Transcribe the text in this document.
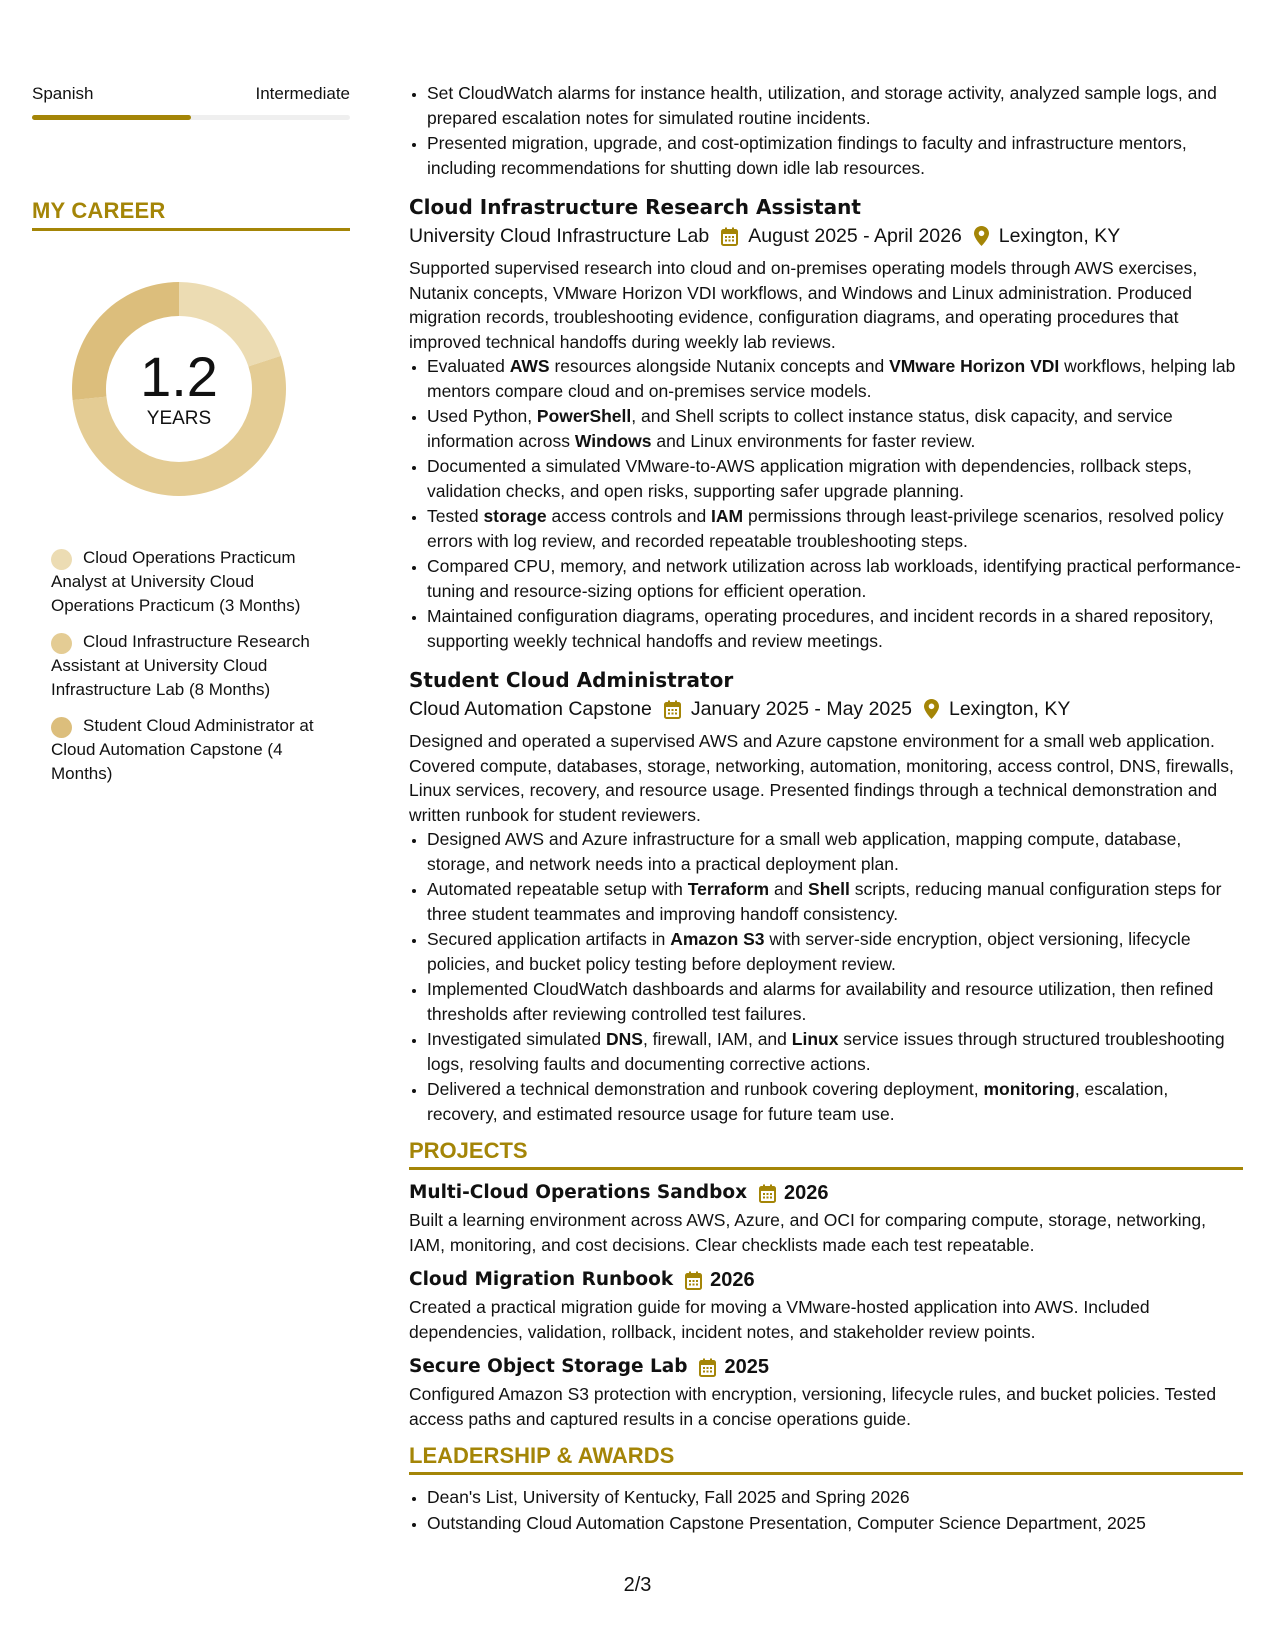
Spanish	Intermediate
MY CAREER
1.2
YEARS
Cloud Operations Practicum Analyst at University Cloud Operations Practicum (3 Months)
Cloud Infrastructure Research Assistant at University Cloud Infrastructure Lab (8 Months)
Student Cloud Administrator at Cloud Automation Capstone (4 Months)
• Set CloudWatch alarms for instance health, utilization, and storage activity, analyzed sample logs, and prepared escalation notes for simulated routine incidents.
• Presented migration, upgrade, and cost-optimization findings to faculty and infrastructure mentors, including recommendations for shutting down idle lab resources.
Cloud Infrastructure Research Assistant
University Cloud Infrastructure Lab August 2025 - April 2026 Lexington, KY
Supported supervised research into cloud and on-premises operating models through AWS exercises, Nutanix concepts, VMware Horizon VDI workflows, and Windows and Linux administration. Produced migration records, troubleshooting evidence, configuration diagrams, and operating procedures that improved technical handoffs during weekly lab reviews.
• Evaluated AWS resources alongside Nutanix concepts and VMware Horizon VDI workflows, helping lab mentors compare cloud and on-premises service models.
• Used Python, PowerShell, and Shell scripts to collect instance status, disk capacity, and service information across Windows and Linux environments for faster review.
• Documented a simulated VMware-to-AWS application migration with dependencies, rollback steps, validation checks, and open risks, supporting safer upgrade planning.
• Tested storage access controls and IAM permissions through least-privilege scenarios, resolved policy errors with log review, and recorded repeatable troubleshooting steps.
• Compared CPU, memory, and network utilization across lab workloads, identifying practical performance-tuning and resource-sizing options for efficient operation.
• Maintained configuration diagrams, operating procedures, and incident records in a shared repository, supporting weekly technical handoffs and review meetings.
Student Cloud Administrator
Cloud Automation Capstone January 2025 - May 2025 Lexington, KY
Designed and operated a supervised AWS and Azure capstone environment for a small web application. Covered compute, databases, storage, networking, automation, monitoring, access control, DNS, firewalls, Linux services, recovery, and resource usage. Presented findings through a technical demonstration and written runbook for student reviewers.
• Designed AWS and Azure infrastructure for a small web application, mapping compute, database, storage, and network needs into a practical deployment plan.
• Automated repeatable setup with Terraform and Shell scripts, reducing manual configuration steps for three student teammates and improving handoff consistency.
• Secured application artifacts in Amazon S3 with server-side encryption, object versioning, lifecycle policies, and bucket policy testing before deployment review.
• Implemented CloudWatch dashboards and alarms for availability and resource utilization, then refined thresholds after reviewing controlled test failures.
• Investigated simulated DNS, firewall, IAM, and Linux service issues through structured troubleshooting logs, resolving faults and documenting corrective actions.
• Delivered a technical demonstration and runbook covering deployment, monitoring, escalation, recovery, and estimated resource usage for future team use.
PROJECTS
Multi-Cloud Operations Sandbox 2026
Built a learning environment across AWS, Azure, and OCI for comparing compute, storage, networking, IAM, monitoring, and cost decisions. Clear checklists made each test repeatable.
Cloud Migration Runbook 2026
Created a practical migration guide for moving a VMware-hosted application into AWS. Included dependencies, validation, rollback, incident notes, and stakeholder review points.
Secure Object Storage Lab 2025
Configured Amazon S3 protection with encryption, versioning, lifecycle rules, and bucket policies. Tested access paths and captured results in a concise operations guide.
LEADERSHIP & AWARDS
• Dean's List, University of Kentucky, Fall 2025 and Spring 2026
• Outstanding Cloud Automation Capstone Presentation, Computer Science Department, 2025
2/3
